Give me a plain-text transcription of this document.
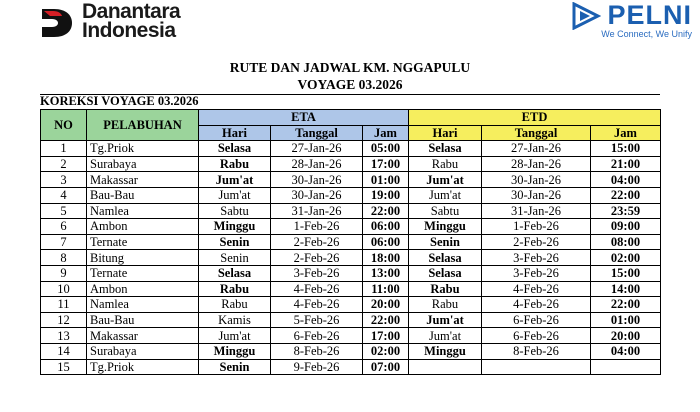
Danantara
Indonesia
PELNI
We Connect, We Unify
RUTE DAN JADWAL KM. NGGAPULU
VOYAGE 03.2026
KOREKSI VOYAGE 03.2026
NO	PELABUHAN	ETA			ETD		
		Hari	Tanggal	Jam	Hari	Tanggal	Jam
1	Tg.Priok	Selasa	27-Jan-26	05:00	Selasa	27-Jan-26	15:00
2	Surabaya	Rabu	28-Jan-26	17:00	Rabu	28-Jan-26	21:00
3	Makassar	Jum'at	30-Jan-26	01:00	Jum'at	30-Jan-26	04:00
4	Bau-Bau	Jum'at	30-Jan-26	19:00	Jum'at	30-Jan-26	22:00
5	Namlea	Sabtu	31-Jan-26	22:00	Sabtu	31-Jan-26	23:59
6	Ambon	Minggu	1-Feb-26	06:00	Minggu	1-Feb-26	09:00
7	Ternate	Senin	2-Feb-26	06:00	Senin	2-Feb-26	08:00
8	Bitung	Senin	2-Feb-26	18:00	Selasa	3-Feb-26	02:00
9	Ternate	Selasa	3-Feb-26	13:00	Selasa	3-Feb-26	15:00
10	Ambon	Rabu	4-Feb-26	11:00	Rabu	4-Feb-26	14:00
11	Namlea	Rabu	4-Feb-26	20:00	Rabu	4-Feb-26	22:00
12	Bau-Bau	Kamis	5-Feb-26	22:00	Jum'at	6-Feb-26	01:00
13	Makassar	Jum'at	6-Feb-26	17:00	Jum'at	6-Feb-26	20:00
14	Surabaya	Minggu	8-Feb-26	02:00	Minggu	8-Feb-26	04:00
15	Tg.Priok	Senin	9-Feb-26	07:00			
